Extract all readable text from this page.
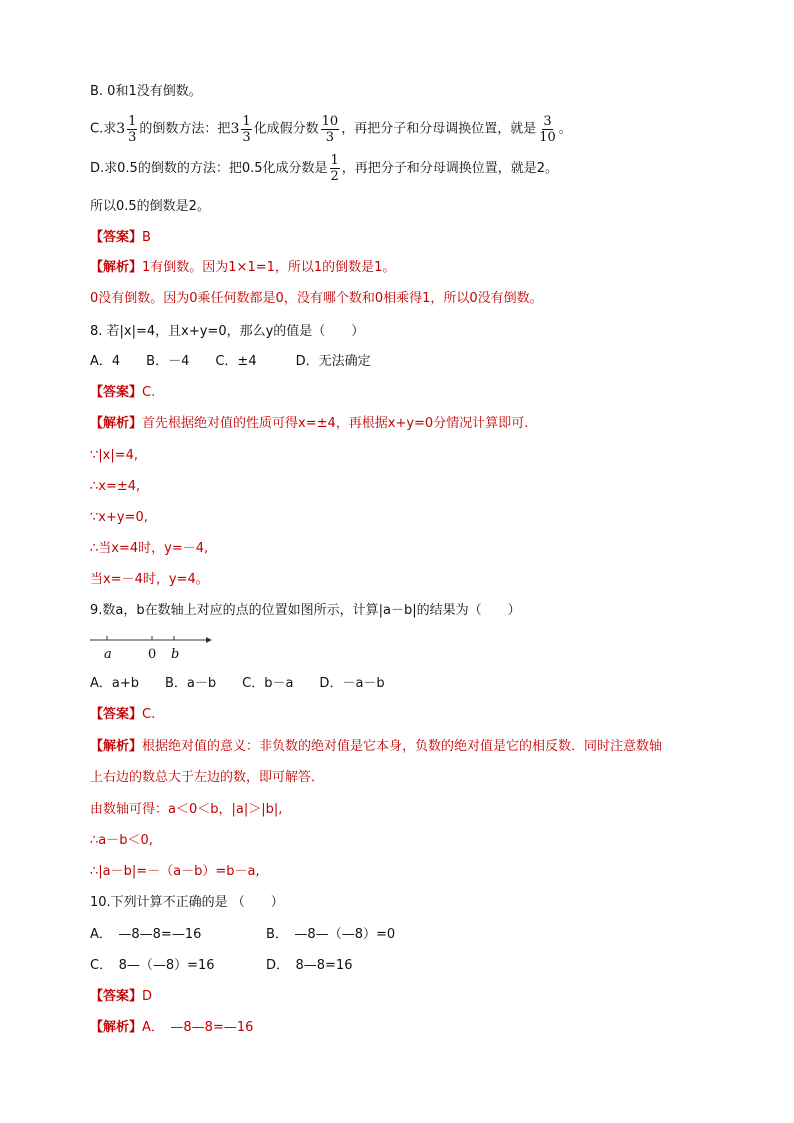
B. 0和1没有倒数。
C.求$3 \frac{1}{3}$ 的倒数方法：把$3 \frac{1}{3}$ 化成假分数 $\frac{10}{3}$ ，再把分子和分母调换位置，就是 $\frac{3}{10}$ 。
D.求0.5的倒数的方法：把0.5化成分数是 $\frac{1}{2}$ ，再把分子和分母调换位置，就是2。
所以0.5的倒数是2。
【答案】B
【解析】1有倒数。因为1×1=1，所以1的倒数是1。
0没有倒数。因为0乘任何数都是0，没有哪个数和0相乘得1，所以0没有倒数。
8. 若|x|=4，且x+y=0，那么y的值是（　　）
A．4　　B．－4　　C．±4　　　D．无法确定
【答案】C.
【解析】首先根据绝对值的性质可得x=±4，再根据x+y=0分情况计算即可.
∵|x|=4,
∴x=±4,
∵x+y=0,
∴当x=4时，y=－4,
当x=－4时，y=4。
9.数a，b在数轴上对应的点的位置如图所示，计算|a－b|的结果为（　　）
a	0 b
A．a+b　　B．a－b　　C．b－a　　D．－a－b
【答案】C.
【解析】根据绝对值的意义：非负数的绝对值是它本身，负数的绝对值是它的相反数．同时注意数轴
上右边的数总大于左边的数，即可解答．
由数轴可得：a＜0＜b，|a|＞|b|,
∴a－b＜0,
∴|a－b|=－（a－b）=b－a,
10.下列计算不正确的是 （　　）
A．　—8—8=—16	B．　—8—（—8）=0
C．　8—（—8）=16	D．　8—8=16
【答案】D
【解析】A．　—8—8=—16
